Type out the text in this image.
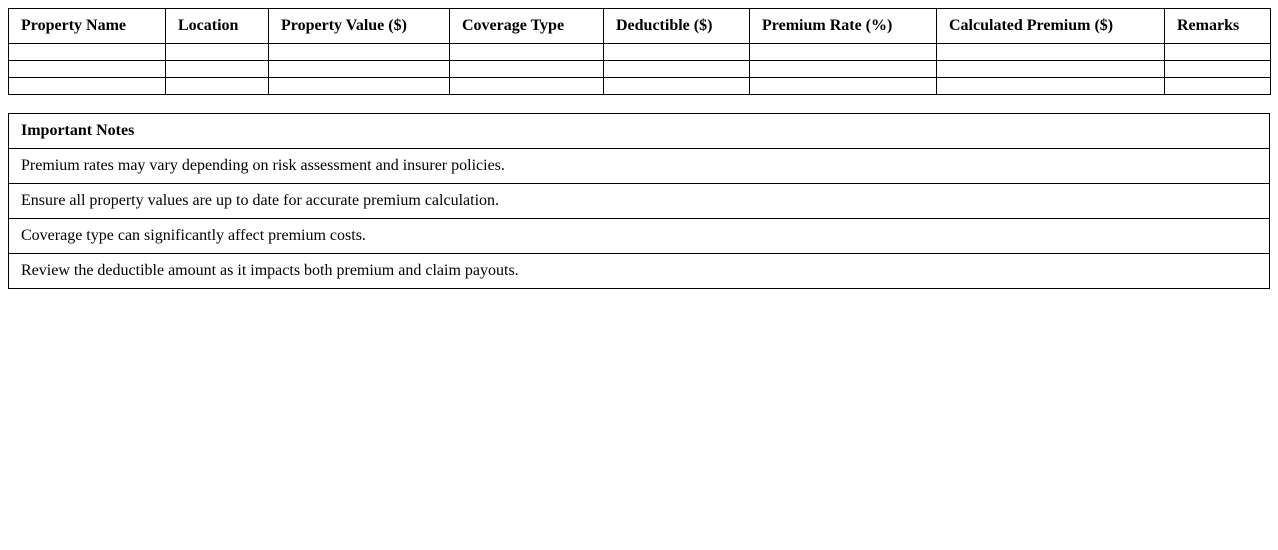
Property Name	Location	Property Value ($)	Coverage Type	Deductible ($)	Premium Rate (%)	Calculated Premium ($)	Remarks

Important Notes
Premium rates may vary depending on risk assessment and insurer policies.
Ensure all property values are up to date for accurate premium calculation.
Coverage type can significantly affect premium costs.
Review the deductible amount as it impacts both premium and claim payouts.
